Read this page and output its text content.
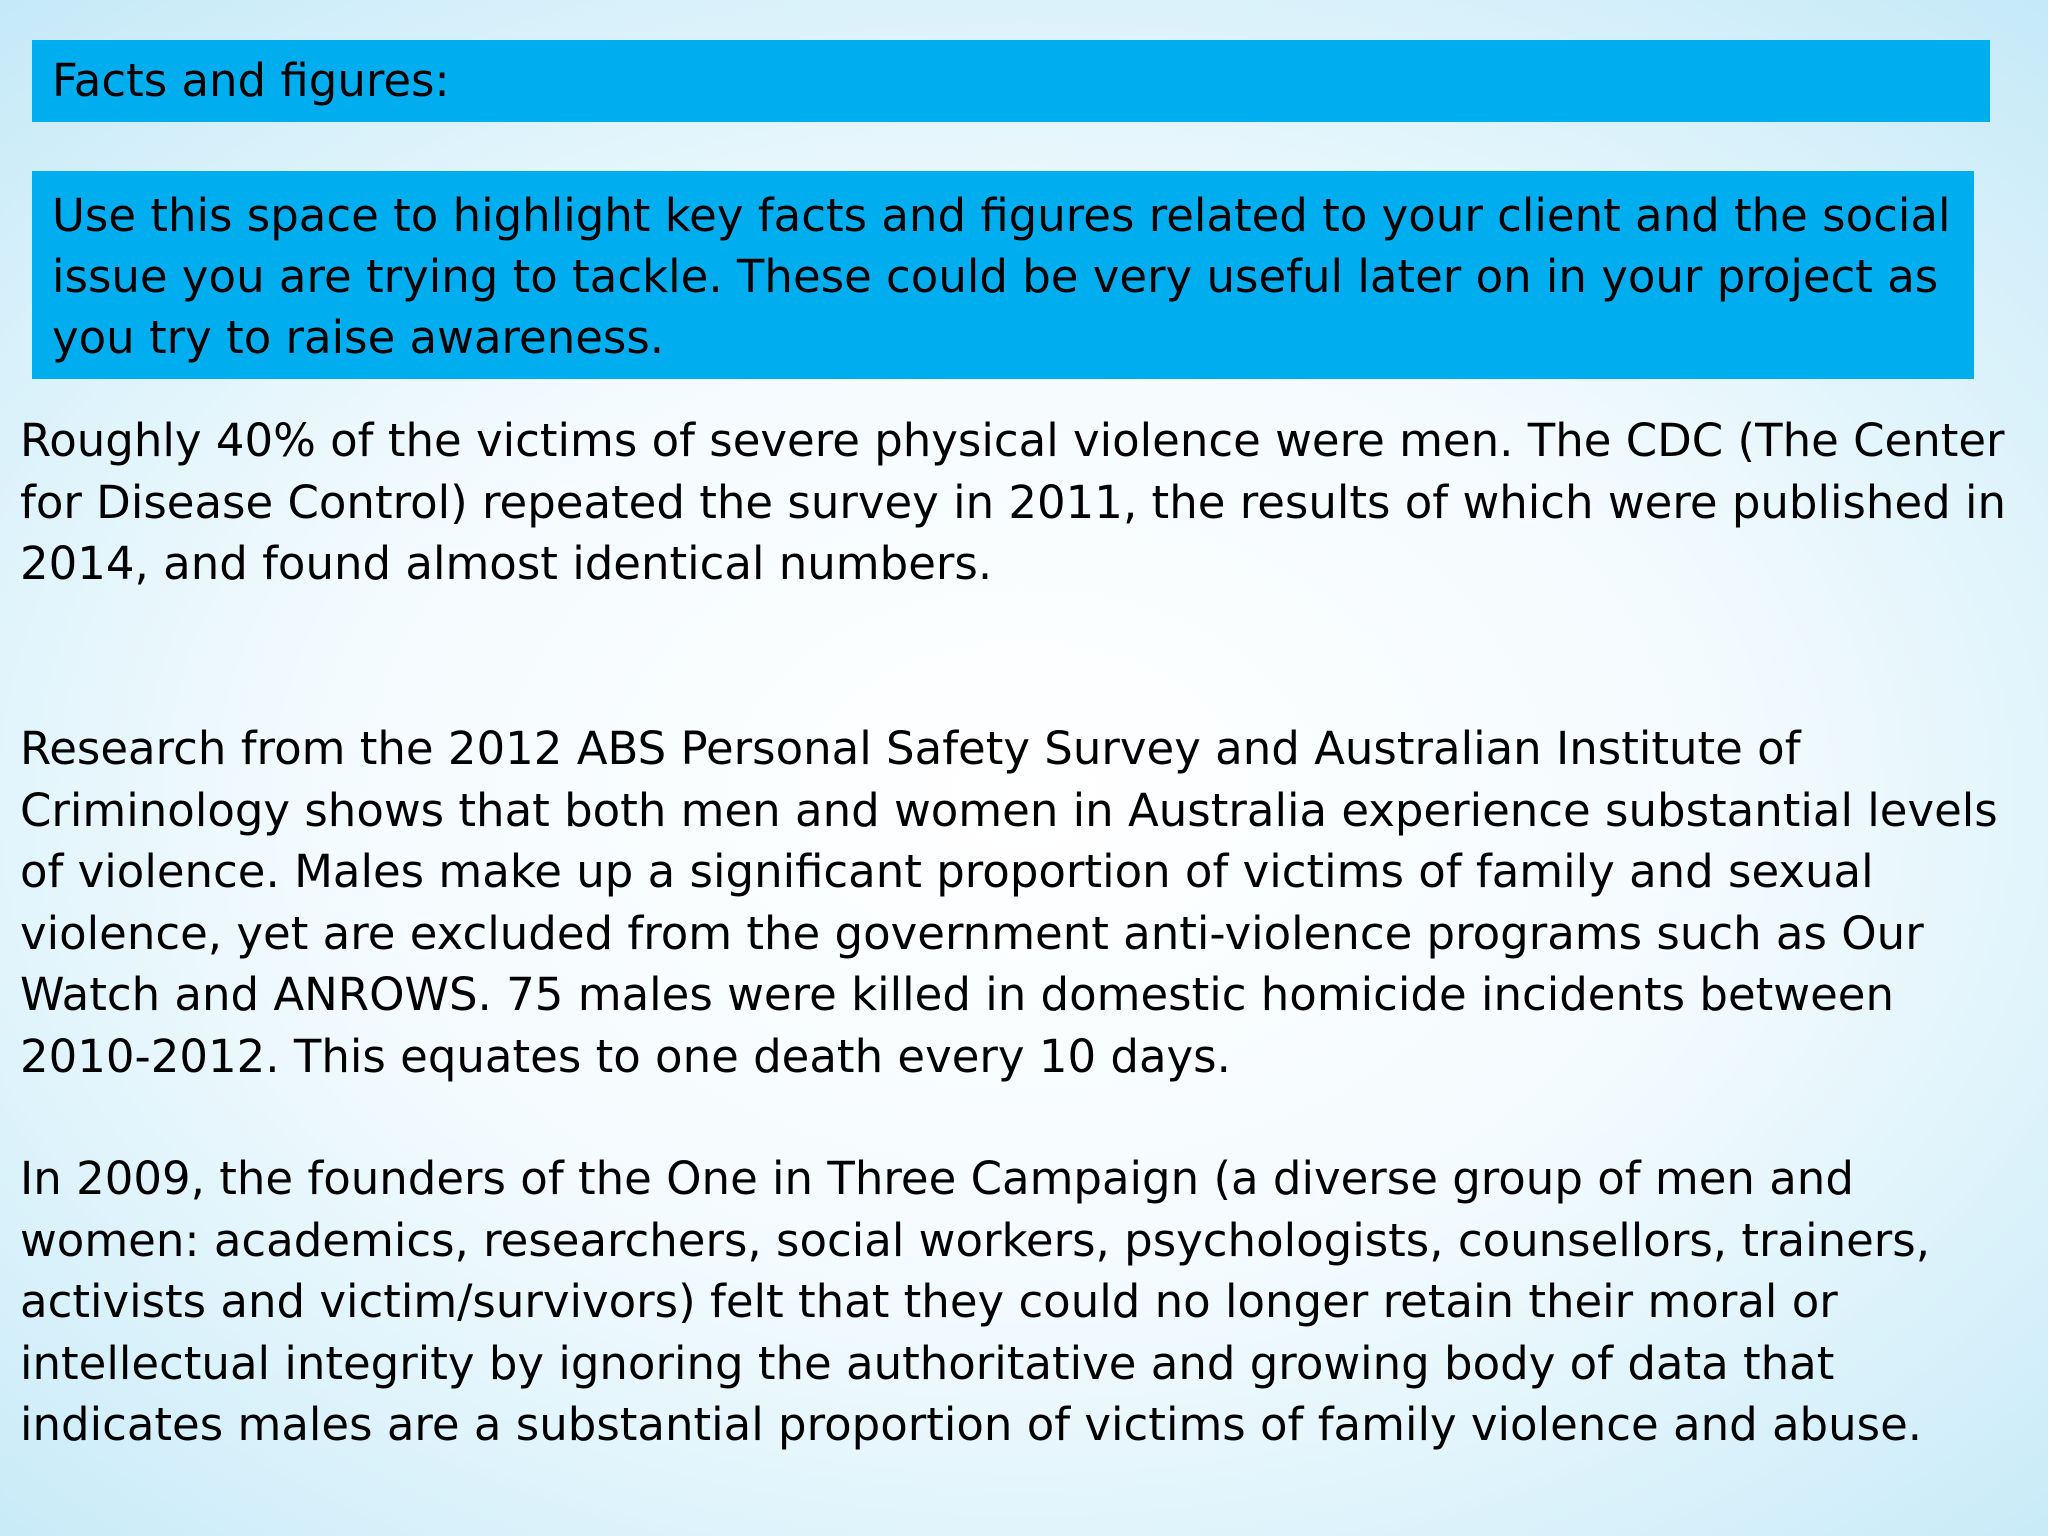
Facts and figures:
Use this space to highlight key facts and figures related to your client and the social issue you are trying to tackle. These could be very useful later on in your project as you try to raise awareness.

Roughly 40% of the victims of severe physical violence were men. The CDC (The Center for Disease Control) repeated the survey in 2011, the results of which were published in 2014, and found almost identical numbers.

Research from the 2012 ABS Personal Safety Survey and Australian Institute of Criminology shows that both men and women in Australia experience substantial levels of violence. Males make up a significant proportion of victims of family and sexual violence, yet are excluded from the government anti-violence programs such as Our Watch and ANROWS. 75 males were killed in domestic homicide incidents between 2010-2012. This equates to one death every 10 days.

In 2009, the founders of the One in Three Campaign (a diverse group of men and women: academics, researchers, social workers, psychologists, counsellors, trainers, activists and victim/survivors) felt that they could no longer retain their moral or intellectual integrity by ignoring the authoritative and growing body of data that indicates males are a substantial proportion of victims of family violence and abuse.
